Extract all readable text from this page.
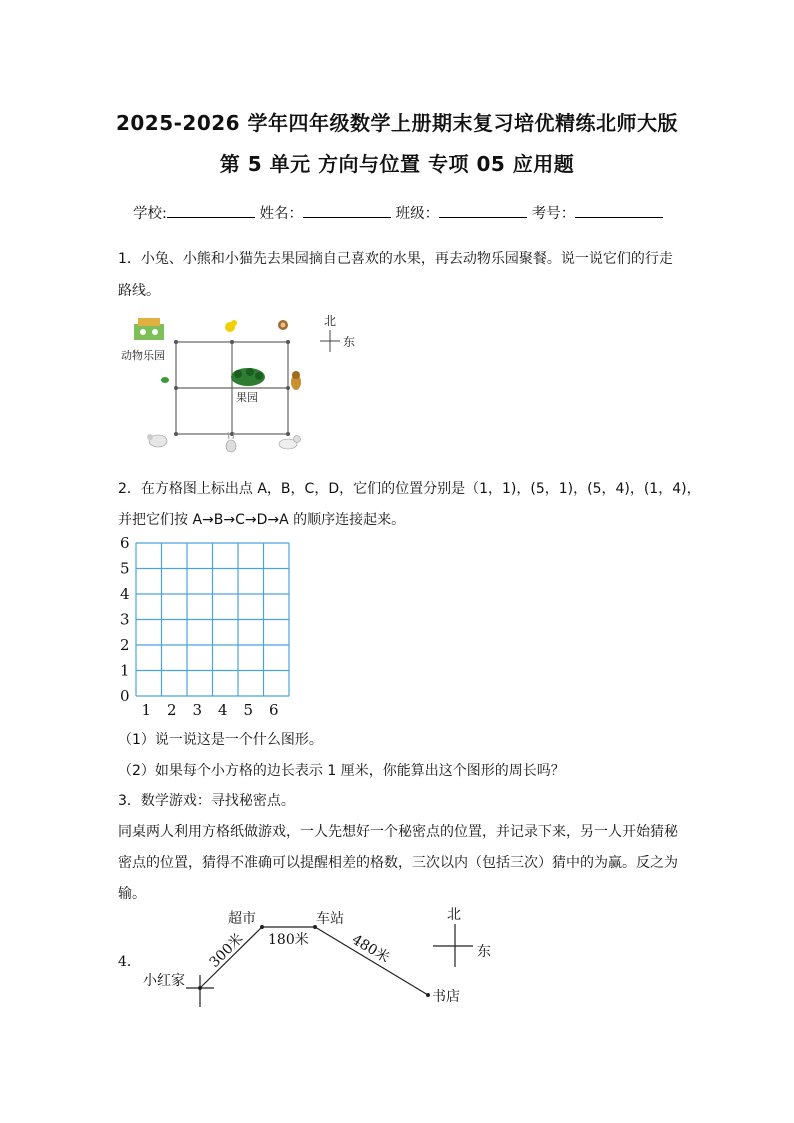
2025-2026 学年四年级数学上册期末复习培优精练北师大版
第 5 单元 方向与位置 专项 05 应用题
学校:	姓名：	班级：	考号：
1．小兔、小熊和小猫先去果园摘自己喜欢的水果，再去动物乐园聚餐。说一说它们的行走
路线。
动物乐园
果园
北
东
2．在方格图上标出点 A，B，C，D，它们的位置分别是（1，1)，(5，1)，(5，4)，(1，4)，
并把它们按 A→B→C→D→A 的顺序连接起来。
6
5
4
3
2
1
0
1 2 3 4 5 6
（1）说一说这是一个什么图形。
（2）如果每个小方格的边长表示 1 厘米，你能算出这个图形的周长吗？
3．数学游戏：寻找秘密点。
同桌两人利用方格纸做游戏，一人先想好一个秘密点的位置，并记录下来，另一人开始猜秘
密点的位置，猜得不准确可以提醒相差的格数，三次以内（包括三次）猜中的为赢。反之为
输。
4．
小红家
超市	车站
书店
300米 180米	480米
北
东
